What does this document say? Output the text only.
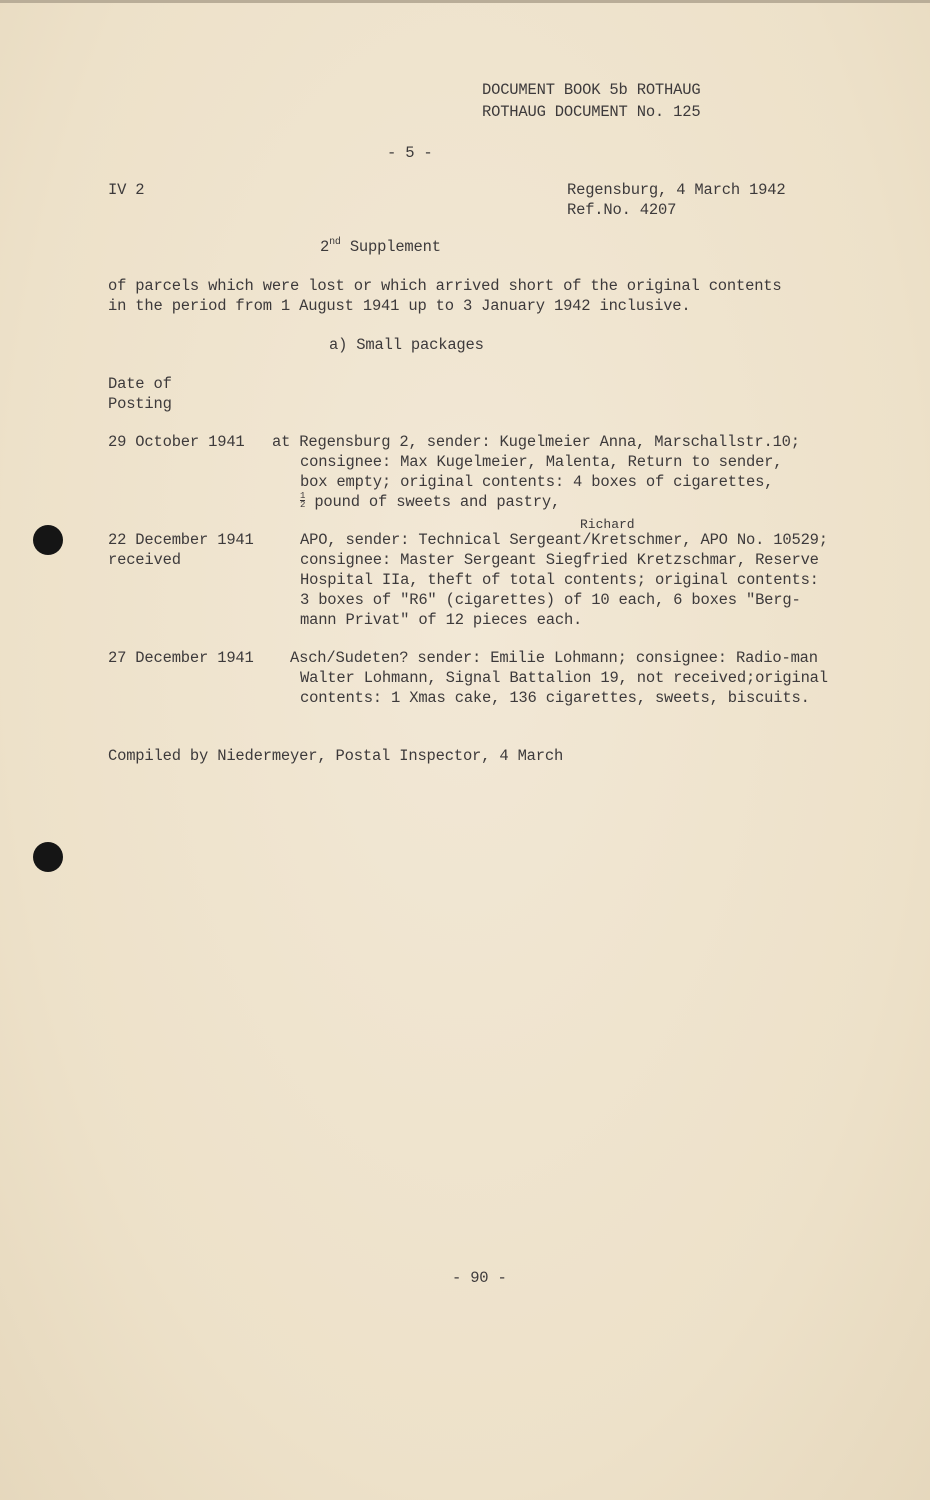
DOCUMENT BOOK 5b ROTHAUG
ROTHAUG DOCUMENT No. 125
- 5 -
IV 2	Regensburg, 4 March 1942
Ref.No. 4207
2nd Supplement
of parcels which were lost or which arrived short of the original contents
in the period from 1 August 1941 up to 3 January 1942 inclusive.
a) Small packages
Date of
Posting
29 October 1941 at Regensburg 2, sender: Kugelmeier Anna, Marschallstr.10;
consignee: Max Kugelmeier, Malenta, Return to sender,
box empty; original contents: 4 boxes of cigarettes,
$\frac{1}{2}$ pound of sweets and pastry,
Richard
22 December 1941
received
APO, sender: Technical Sergeant/Kretschmer, APO No. 10529;
consignee: Master Sergeant Siegfried Kretzschmar, Reserve
Hospital IIa, theft of total contents; original contents:
3 boxes of "R6" (cigarettes) of 10 each, 6 boxes "Berg-
mann Privat" of 12 pieces each.
27 December 1941 Asch/Sudeten? sender: Emilie Lohmann; consignee: Radio-man
Walter Lohmann, Signal Battalion 19, not received;original
contents: 1 Xmas cake, 136 cigarettes, sweets, biscuits.
Compiled by Niedermeyer, Postal Inspector, 4 March
- 90 -
